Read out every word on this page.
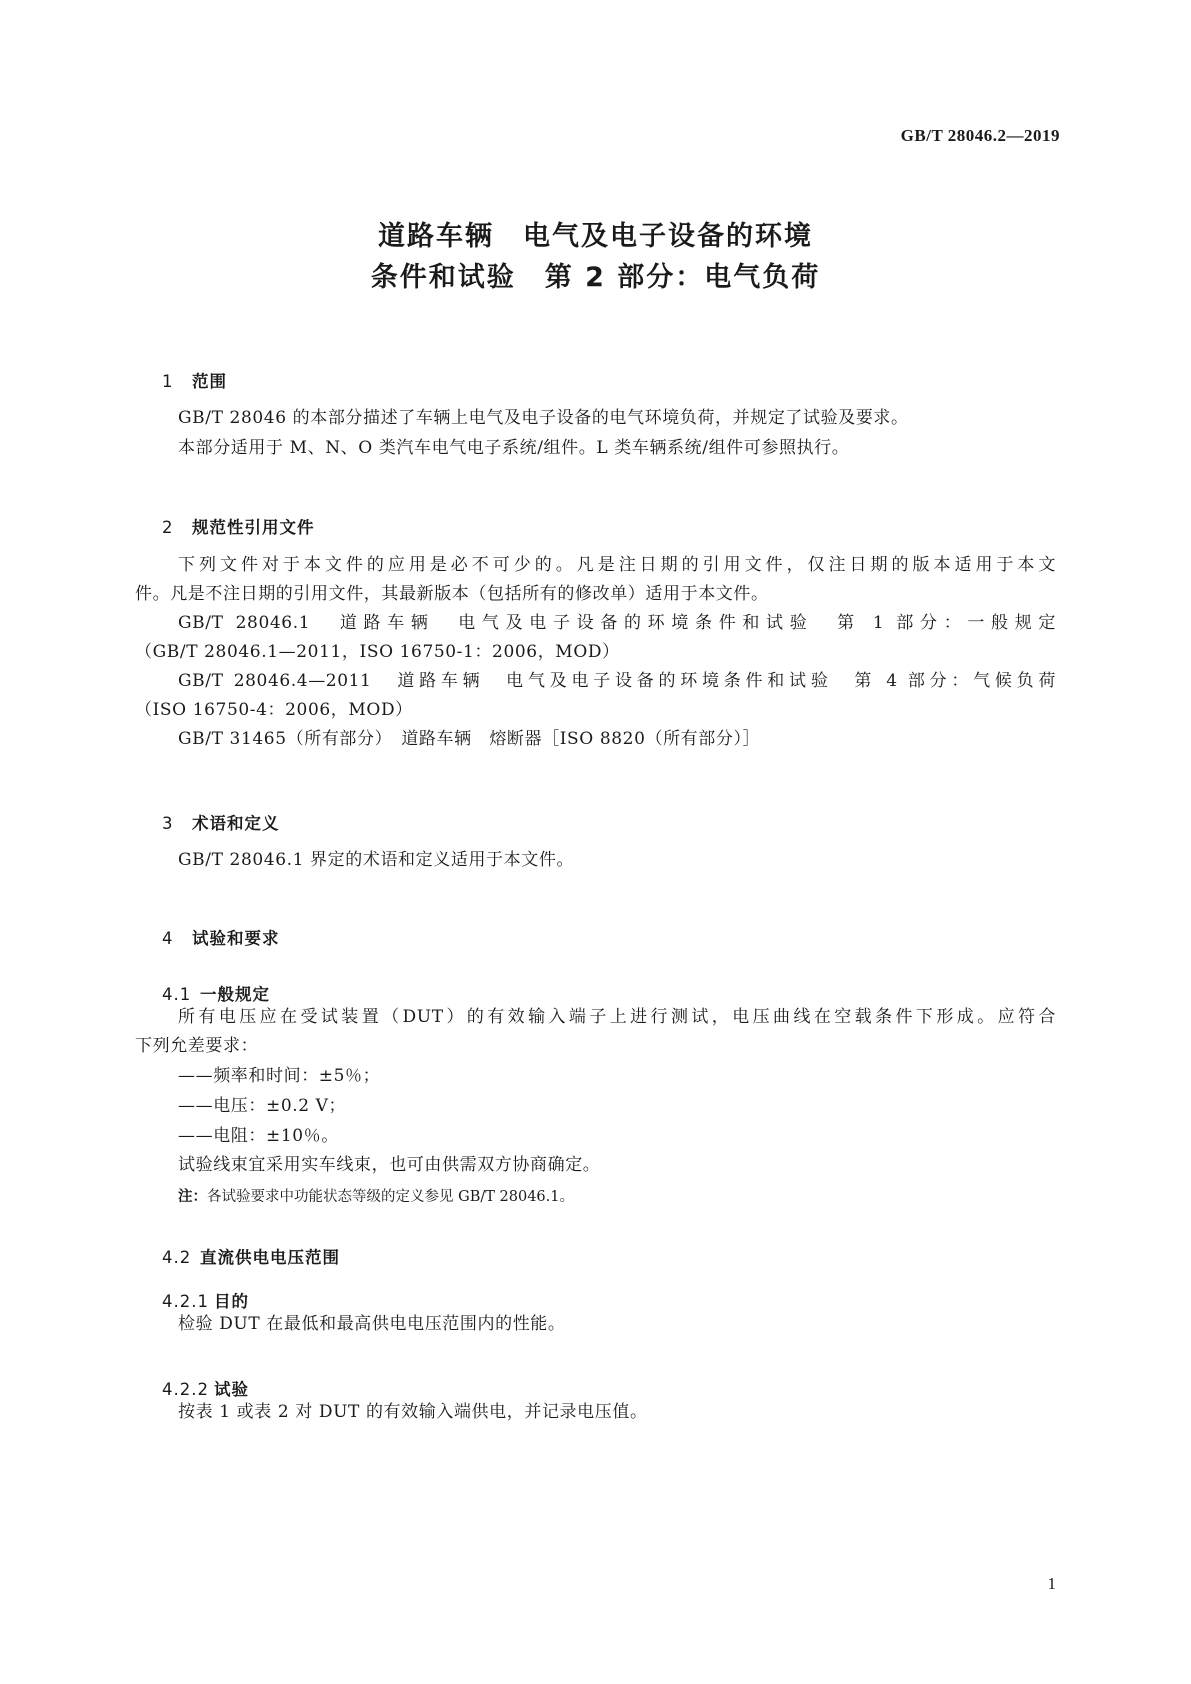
GB/T 28046.2—2019
道路车辆　电气及电子设备的环境
条件和试验　第 2 部分：电气负荷

1 范围

GB/T 28046 的本部分描述了车辆上电气及电子设备的电气环境负荷，并规定了试验及要求。
本部分适用于 M、N、O 类汽车电气电子系统/组件。L 类车辆系统/组件可参照执行。

2 规范性引用文件

下列文件对于本文件的应用是必不可少的。凡是注日期的引用文件，仅注日期的版本适用于本文
件。凡是不注日期的引用文件，其最新版本（包括所有的修改单）适用于本文件。
GB/T 28046.1　道路车辆　电气及电子设备的环境条件和试验　第 1 部分：一般规定
（GB/T 28046.1—2011，ISO 16750-1：2006，MOD）
GB/T 28046.4—2011　道路车辆　电气及电子设备的环境条件和试验　第 4 部分：气候负荷
（ISO 16750-4：2006，MOD）
GB/T 31465（所有部分）　道路车辆　熔断器［ISO 8820（所有部分）］

3 术语和定义

GB/T 28046.1 界定的术语和定义适用于本文件。

4 试验和要求

4.1 一般规定

所有电压应在受试装置（DUT）的有效输入端子上进行测试，电压曲线在空载条件下形成。应符合
下列允差要求：
——频率和时间：±5％；
——电压：±0.2 V；
——电阻：±10％。
试验线束宜采用实车线束，也可由供需双方协商确定。
注：各试验要求中功能状态等级的定义参见 GB/T 28046.1。

4.2 直流供电电压范围

4.2.1 目的

检验 DUT 在最低和最高供电电压范围内的性能。

4.2.2 试验

按表 1 或表 2 对 DUT 的有效输入端供电，并记录电压值。
1
